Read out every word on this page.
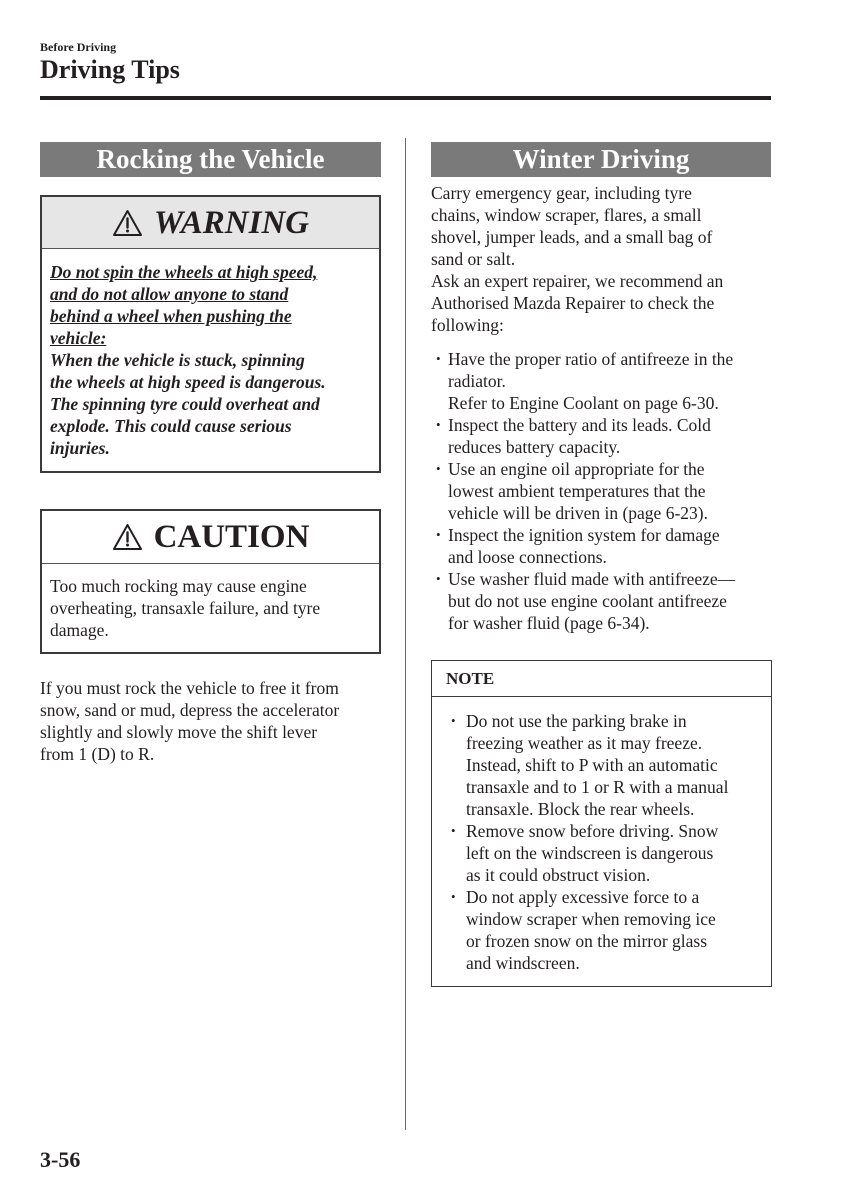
Before Driving
Driving Tips
Rocking the Vehicle
WARNING
Do not spin the wheels at high speed,
and do not allow anyone to stand
behind a wheel when pushing the
vehicle:
When the vehicle is stuck, spinning
the wheels at high speed is dangerous.
The spinning tyre could overheat and
explode. This could cause serious
injuries.
CAUTION
Too much rocking may cause engine
overheating, transaxle failure, and tyre
damage.
If you must rock the vehicle to free it from
snow, sand or mud, depress the accelerator
slightly and slowly move the shift lever
from 1 (D) to R.
Winter Driving
Carry emergency gear, including tyre
chains, window scraper, flares, a small
shovel, jumper leads, and a small bag of
sand or salt.
Ask an expert repairer, we recommend an
Authorised Mazda Repairer to check the
following:
• Have the proper ratio of antifreeze in the
radiator.
Refer to Engine Coolant on page 6-30.
• Inspect the battery and its leads. Cold
reduces battery capacity.
• Use an engine oil appropriate for the
lowest ambient temperatures that the
vehicle will be driven in (page 6-23).
• Inspect the ignition system for damage
and loose connections.
• Use washer fluid made with antifreeze—
but do not use engine coolant antifreeze
for washer fluid (page 6-34).
NOTE
• Do not use the parking brake in
freezing weather as it may freeze.
Instead, shift to P with an automatic
transaxle and to 1 or R with a manual
transaxle. Block the rear wheels.
• Remove snow before driving. Snow
left on the windscreen is dangerous
as it could obstruct vision.
• Do not apply excessive force to a
window scraper when removing ice
or frozen snow on the mirror glass
and windscreen.
3-56
